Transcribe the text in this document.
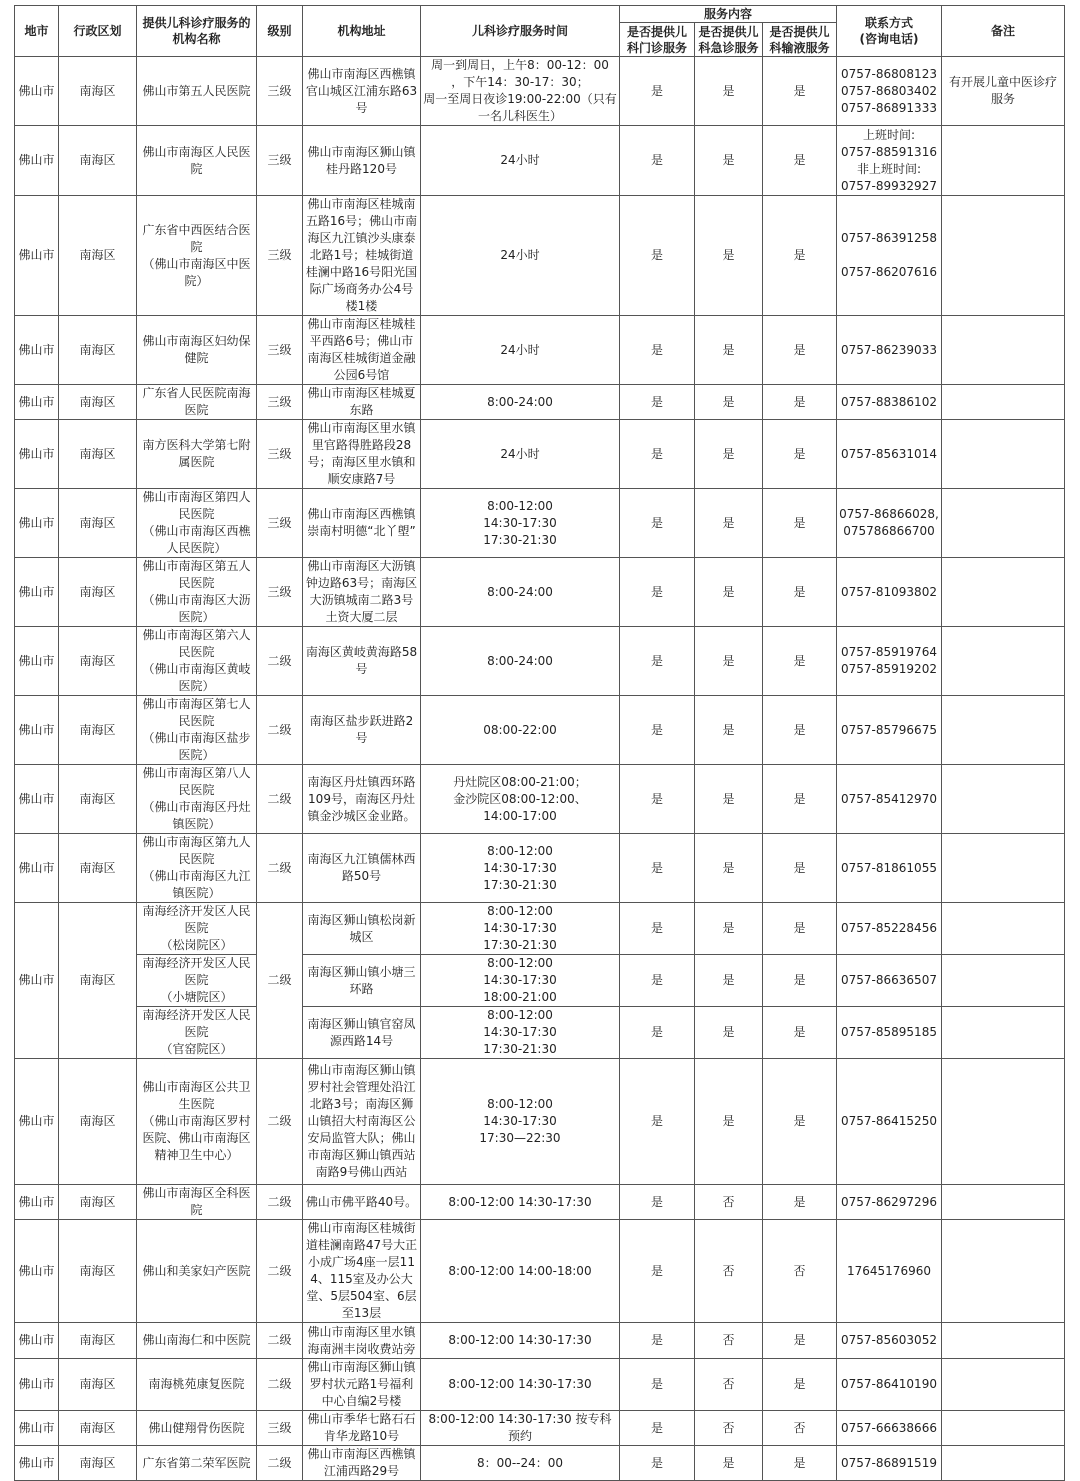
地市	行政区划	提供儿科诊疗服务的机构名称	级别	机构地址	儿科诊疗服务时间	服务内容			联系方式
(咨询电话)	备注

						是否提供儿科门诊服务	是否提供儿科急诊服务	是否提供儿科输液服务		

佛山市	南海区	佛山市第五人民医院	三级	佛山市南海区西樵镇官山城区江浦东路63号	周一到周日，上午8：00-12：00
，下午14：30-17：30；
周一至周日夜诊19:00-22:00（只有一名儿科医生）	是	是	是	0757-86808123
0757-86803402
0757-86891333	有开展儿童中医诊疗服务

佛山市	南海区	佛山市南海区人民医院	三级	佛山市南海区狮山镇桂丹路120号	24小时	是	是	是	上班时间:
0757-88591316
非上班时间:
0757-89932927	

佛山市	南海区	广东省中西医结合医院
（佛山市南海区中医院）	三级	佛山市南海区桂城南五路16号；佛山市南海区九江镇沙头康泰北路1号；桂城街道桂澜中路16号阳光国际广场商务办公4号楼1楼	24小时	是	是	是	0757-86391258

0757-86207616	

佛山市	南海区	佛山市南海区妇幼保健院	三级	佛山市南海区桂城桂平西路6号；佛山市南海区桂城街道金融公园6号馆	24小时	是	是	是	0757-86239033	

佛山市	南海区	广东省人民医院南海医院	三级	佛山市南海区桂城夏东路	8:00-24:00	是	是	是	0757-88386102	

佛山市	南海区	南方医科大学第七附属医院	三级	佛山市南海区里水镇里官路得胜路段28号；南海区里水镇和顺安康路7号	24小时	是	是	是	0757-85631014	

佛山市	南海区	佛山市南海区第四人民医院
（佛山市南海区西樵人民医院）	三级	佛山市南海区西樵镇崇南村明德“北丫塱”	8:00-12:00
14:30-17:30
17:30-21:30	是	是	是	0757-86866028,
075786866700	

佛山市	南海区	佛山市南海区第五人民医院
（佛山市南海区大沥医院）	三级	佛山市南海区大沥镇钟边路63号；南海区大沥镇城南二路3号土资大厦二层	8:00-24:00	是	是	是	0757-81093802	

佛山市	南海区	佛山市南海区第六人民医院
（佛山市南海区黄岐医院）	二级	南海区黄岐黄海路58号	8:00-24:00	是	是	是	0757-85919764
0757-85919202	

佛山市	南海区	佛山市南海区第七人民医院
（佛山市南海区盐步医院）	二级	南海区盐步跃进路2号	08:00-22:00	是	是	是	0757-85796675	

佛山市	南海区	佛山市南海区第八人民医院
（佛山市南海区丹灶镇医院）	二级	南海区丹灶镇西环路109号，南海区丹灶镇金沙城区金业路。	丹灶院区08:00-21:00；
金沙院区08:00-12:00、
14:00-17:00	是	是	是	0757-85412970	

佛山市	南海区	佛山市南海区第九人民医院
（佛山市南海区九江镇医院）	二级	南海区九江镇儒林西路50号	8:00-12:00
14:30-17:30
17:30-21:30	是	是	是	0757-81861055	

佛山市	南海区	南海经济开发区人民医院
（松岗院区）	二级	南海区狮山镇松岗新城区	8:00-12:00
14:30-17:30
17:30-21:30	是	是	是	0757-85228456	

		南海经济开发区人民医院
（小塘院区）		南海区狮山镇小塘三环路	8:00-12:00
14:30-17:30
18:00-21:00	是	是	是	0757-86636507	

		南海经济开发区人民医院
（官窑院区）		南海区狮山镇官窑凤源西路14号	8:00-12:00
14:30-17:30
17:30-21:30	是	是	是	0757-85895185	

佛山市	南海区	佛山市南海区公共卫生医院
（佛山市南海区罗村医院、佛山市南海区精神卫生中心）	二级	佛山市南海区狮山镇罗村社会管理处沿江北路3号；南海区狮山镇招大村南海区公安局监管大队；佛山市南海区狮山镇西站南路9号佛山西站	8:00-12:00
14:30-17:30
17:30—22:30	是	是	是	0757-86415250	

佛山市	南海区	佛山市南海区全科医院	二级	佛山市佛平路40号。	8:00-12:00 14:30-17:30	是	否	是	0757-86297296	

佛山市	南海区	佛山和美家妇产医院	二级	佛山市南海区桂城街道桂澜南路47号大正小成广场4座一层114、115室及办公大堂、5层504室、6层至13层	8:00-12:00 14:00-18:00	是	否	否	17645176960	

佛山市	南海区	佛山南海仁和中医院	二级	佛山市南海区里水镇海南洲丰岗收费站旁	8:00-12:00 14:30-17:30	是	否	是	0757-85603052	

佛山市	南海区	南海桃苑康复医院	二级	佛山市南海区狮山镇罗村状元路1号福利中心自编2号楼	8:00-12:00 14:30-17:30	是	否	是	0757-86410190	

佛山市	南海区	佛山健翔骨伤医院	三级	佛山市季华七路石石肯华龙路10号	8:00-12:00 14:30-17:30 按专科预约	是	否	否	0757-66638666	

佛山市	南海区	广东省第二荣军医院	二级	佛山市南海区西樵镇江浦西路29号	8：00--24：00	是	是	是	0757-86891519	
